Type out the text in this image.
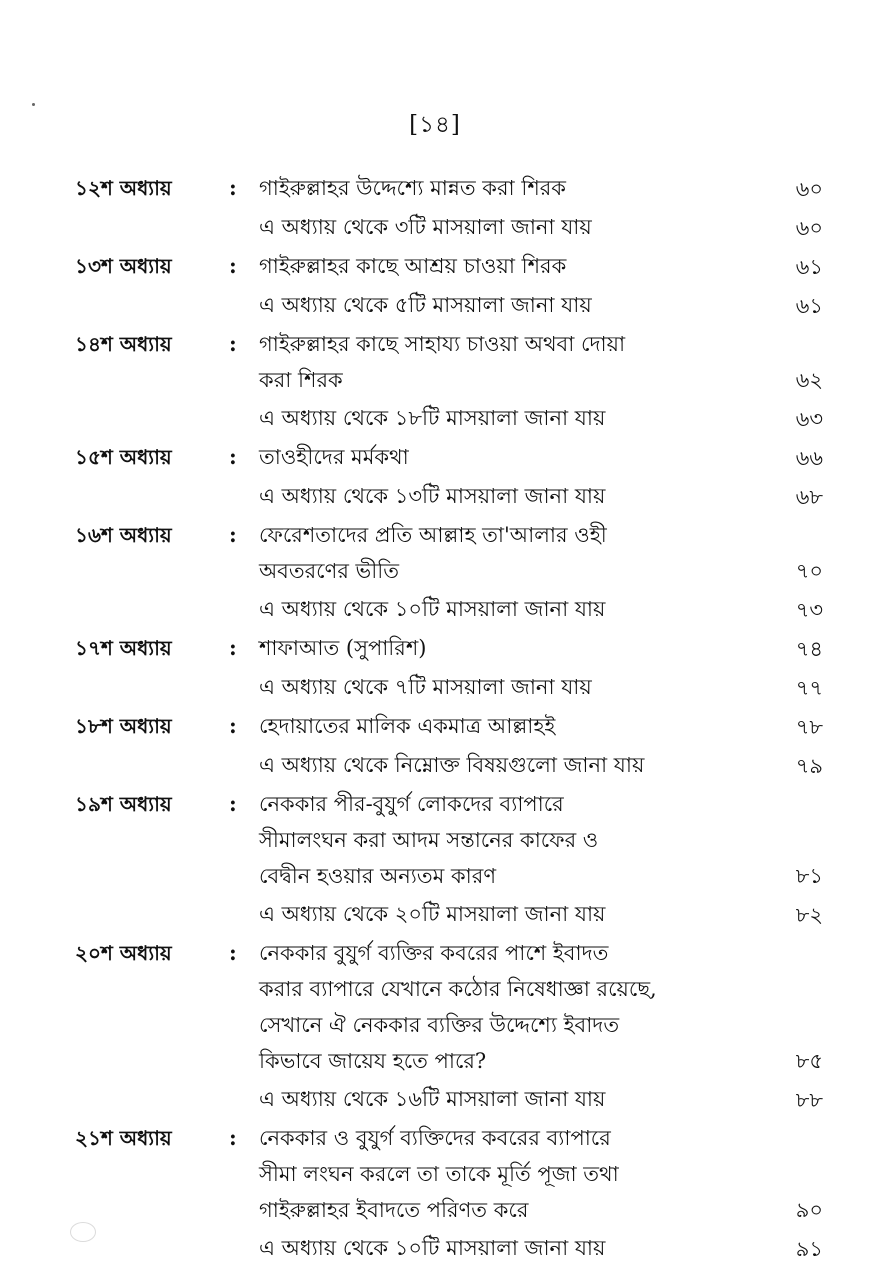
[১৪]
১২শ অধ্যায়	:	গাইরুল্লাহর উদ্দেশ্যে মান্নত করা শিরক	৬০
এ অধ্যায় থেকে ৩টি মাসয়ালা জানা যায়	৬০
১৩শ অধ্যায়	:	গাইরুল্লাহর কাছে আশ্রয় চাওয়া শিরক	৬১
এ অধ্যায় থেকে ৫টি মাসয়ালা জানা যায়	৬১
১৪শ অধ্যায়	:	গাইরুল্লাহর কাছে সাহায্য চাওয়া অথবা দোয়া
করা শিরক	৬২
এ অধ্যায় থেকে ১৮টি মাসয়ালা জানা যায়	৬৩
১৫শ অধ্যায়	:	তাওহীদের মর্মকথা	৬৬
এ অধ্যায় থেকে ১৩টি মাসয়ালা জানা যায়	৬৮
১৬শ অধ্যায়	:	ফেরেশতাদের প্রতি আল্লাহ তা'আলার ওহী
অবতরণের ভীতি	৭০
এ অধ্যায় থেকে ১০টি মাসয়ালা জানা যায়	৭৩
১৭শ অধ্যায়	:	শাফাআত (সুপারিশ)	৭৪
এ অধ্যায় থেকে ৭টি মাসয়ালা জানা যায়	৭৭
১৮শ অধ্যায়	:	হেদায়াতের মালিক একমাত্র আল্লাহই	৭৮
এ অধ্যায় থেকে নিম্নোক্ত বিষয়গুলো জানা যায়	৭৯
১৯শ অধ্যায়	:	নেককার পীর-বুযুর্গ লোকদের ব্যাপারে
সীমালংঘন করা আদম সন্তানের কাফের ও
বেদ্বীন হওয়ার অন্যতম কারণ	৮১
এ অধ্যায় থেকে ২০টি মাসয়ালা জানা যায়	৮২
২০শ অধ্যায়	:	নেককার বুযুর্গ ব্যক্তির কবরের পাশে ইবাদত
করার ব্যাপারে যেখানে কঠোর নিষেধাজ্ঞা রয়েছে,
সেখানে ঐ নেককার ব্যক্তির উদ্দেশ্যে ইবাদত
কিভাবে জায়েয হতে পারে?	৮৫
এ অধ্যায় থেকে ১৬টি মাসয়ালা জানা যায়	৮৮
২১শ অধ্যায়	:	নেককার ও বুযুর্গ ব্যক্তিদের কবরের ব্যাপারে
সীমা লংঘন করলে তা তাকে মূর্তি পূজা তথা
গাইরুল্লাহর ইবাদতে পরিণত করে	৯০
এ অধ্যায় থেকে ১০টি মাসয়ালা জানা যায়	৯১
